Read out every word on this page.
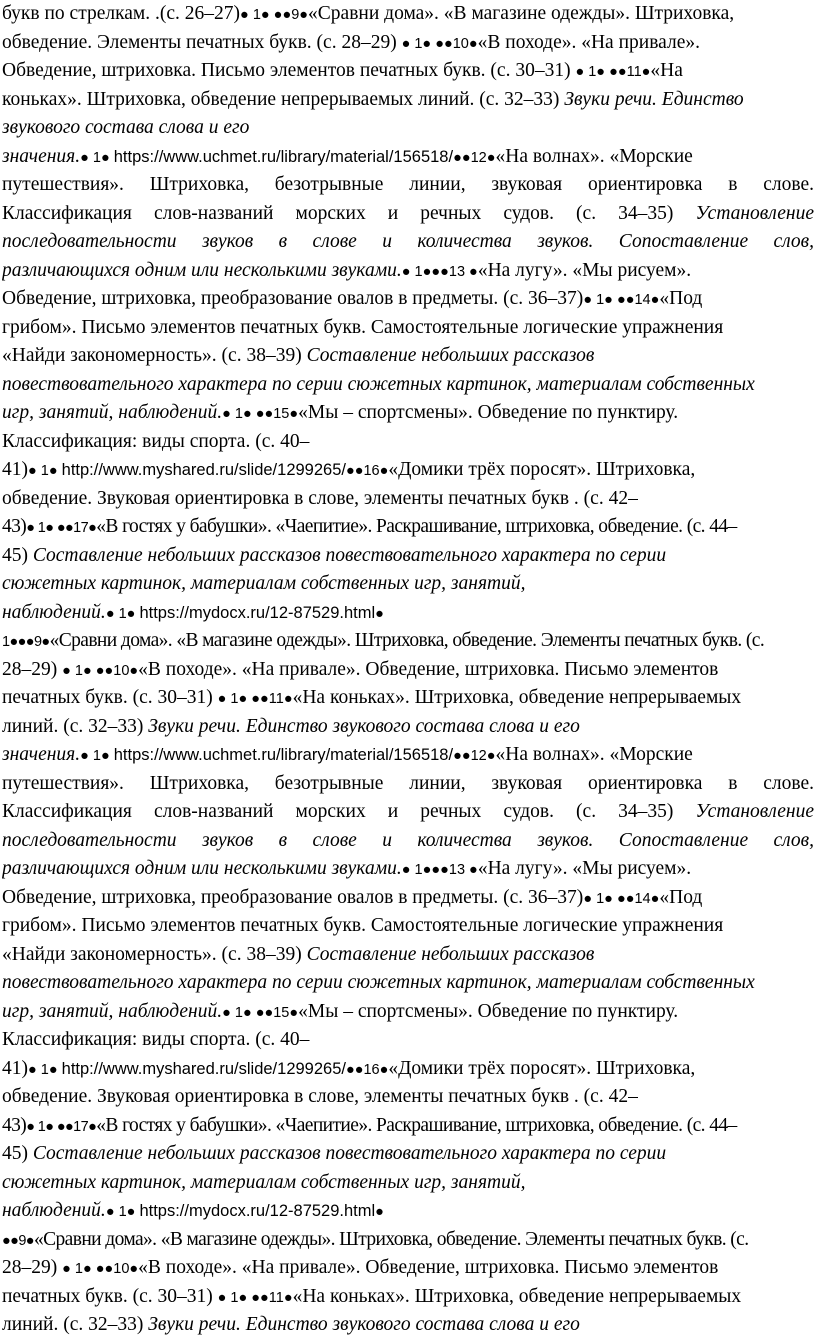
букв по стрелкам. .(с. 26–27)● 1● ●●9●«Сравни дома». «В магазине одежды». Штриховка,
обведение. Элементы печатных букв. (с. 28–29) ● 1● ●●10●«В походе». «На привале».
Обведение, штриховка. Письмо элементов печатных букв. (с. 30–31) ● 1● ●●11●«На
коньках». Штриховка, обведение непрерываемых линий. (с. 32–33) Звуки речи. Единство
звукового состава слова и его
значения.● 1● https://www.uchmet.ru/library/material/156518/●●12●«На волнах». «Морские
путешествия». Штриховка, безотрывные линии, звуковая ориентировка в слове.
Классификация слов-названий морских и речных судов. (с. 34–35) Установление
последовательности звуков в слове и количества звуков. Сопоставление слов,
различающихся одним или несколькими звуками.● 1●●●13 ●«На лугу». «Мы рисуем».
Обведение, штриховка, преобразование овалов в предметы. (с. 36–37)● 1● ●●14●«Под
грибом». Письмо элементов печатных букв. Самостоятельные логические упражнения
«Найди закономерность». (с. 38–39) Составление небольших рассказов
повествовательного характера по серии сюжетных картинок, материалам собственных
игр, занятий, наблюдений.● 1● ●●15●«Мы – спортсмены». Обведение по пунктиру.
Классификация: виды спорта. (с. 40–
41)● 1● http://www.myshared.ru/slide/1299265/●●16●«Домики трёх поросят». Штриховка,
обведение. Звуковая ориентировка в слове, элементы печатных букв . (с. 42–
43)● 1● ●●17●«В гостях у бабушки». «Чаепитие». Раскрашивание, штриховка, обведение. (с. 44–
45) Составление небольших рассказов повествовательного характера по серии
сюжетных картинок, материалам собственных игр, занятий,
наблюдений.● 1● https://mydocx.ru/12-87529.html●
1●●●9●«Сравни дома». «В магазине одежды». Штриховка, обведение. Элементы печатных букв. (с.
28–29) ● 1● ●●10●«В походе». «На привале». Обведение, штриховка. Письмо элементов
печатных букв. (с. 30–31) ● 1● ●●11●«На коньках». Штриховка, обведение непрерываемых
линий. (с. 32–33) Звуки речи. Единство звукового состава слова и его
значения.● 1● https://www.uchmet.ru/library/material/156518/●●12●«На волнах». «Морские
путешествия». Штриховка, безотрывные линии, звуковая ориентировка в слове.
Классификация слов-названий морских и речных судов. (с. 34–35) Установление
последовательности звуков в слове и количества звуков. Сопоставление слов,
различающихся одним или несколькими звуками.● 1●●●13 ●«На лугу». «Мы рисуем».
Обведение, штриховка, преобразование овалов в предметы. (с. 36–37)● 1● ●●14●«Под
грибом». Письмо элементов печатных букв. Самостоятельные логические упражнения
«Найди закономерность». (с. 38–39) Составление небольших рассказов
повествовательного характера по серии сюжетных картинок, материалам собственных
игр, занятий, наблюдений.● 1● ●●15●«Мы – спортсмены». Обведение по пунктиру.
Классификация: виды спорта. (с. 40–
41)● 1● http://www.myshared.ru/slide/1299265/●●16●«Домики трёх поросят». Штриховка,
обведение. Звуковая ориентировка в слове, элементы печатных букв . (с. 42–
43)● 1● ●●17●«В гостях у бабушки». «Чаепитие». Раскрашивание, штриховка, обведение. (с. 44–
45) Составление небольших рассказов повествовательного характера по серии
сюжетных картинок, материалам собственных игр, занятий,
наблюдений.● 1● https://mydocx.ru/12-87529.html●
●●9●«Сравни дома». «В магазине одежды». Штриховка, обведение. Элементы печатных букв. (с.
28–29) ● 1● ●●10●«В походе». «На привале». Обведение, штриховка. Письмо элементов
печатных букв. (с. 30–31) ● 1● ●●11●«На коньках». Штриховка, обведение непрерываемых
линий. (с. 32–33) Звуки речи. Единство звукового состава слова и его
